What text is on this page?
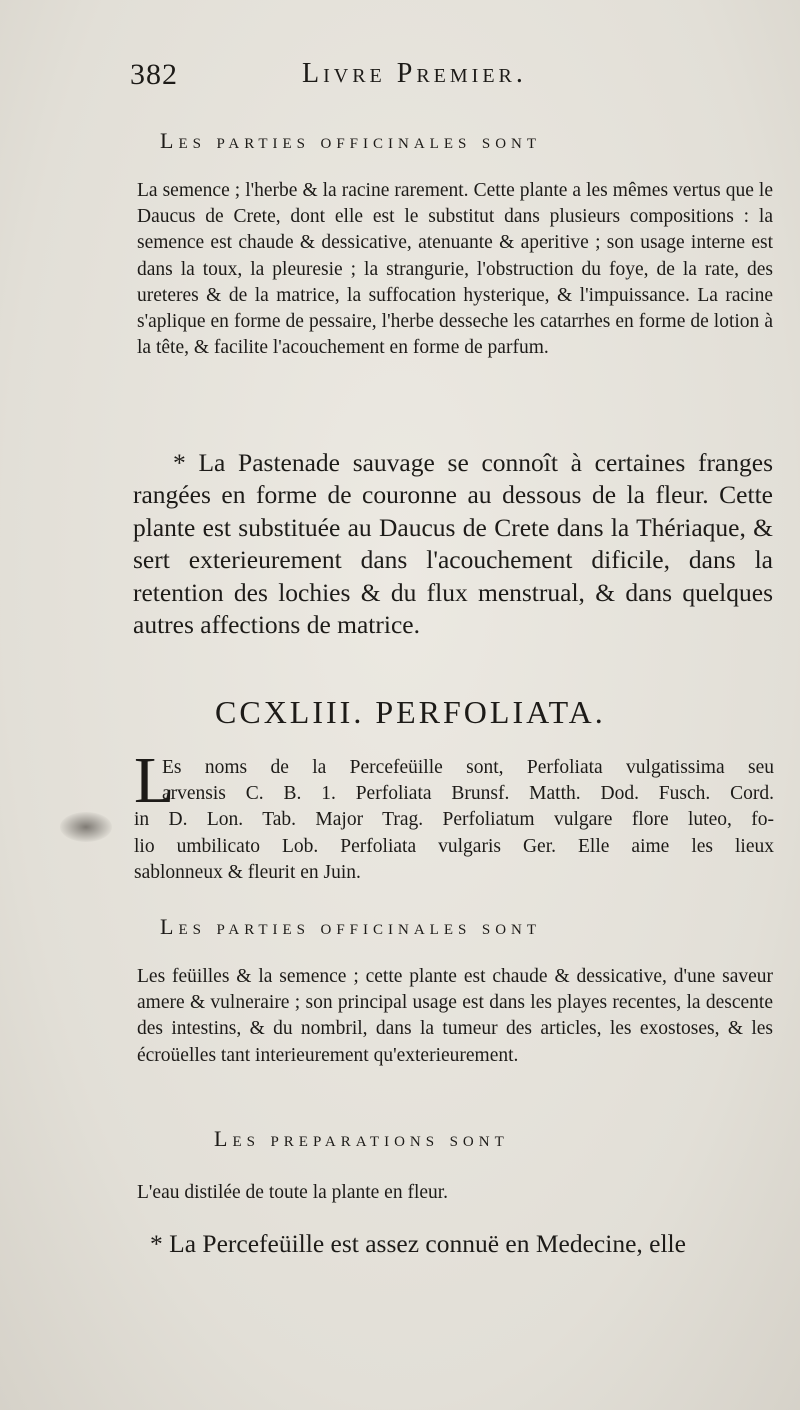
382	Livre Premier.
Les parties officinales sont

La semence ; l'herbe & la racine rarement. Cette plante a les mêmes vertus que le Daucus de Crete, dont elle est le substitut dans plusieurs compositions : la semence est chaude & dessicative, atenuante & aperitive ; son usage interne est dans la toux, la pleuresie ; la strangurie, l'obstruction du foye, de la rate, des ureteres & de la matrice, la suffocation hysterique, & l'impuissance. La racine s'aplique en forme de pessaire, l'herbe desseche les catarrhes en forme de lotion à la tête, & facilite l'acouchement en forme de parfum.

* La Pastenade sauvage se connoît à certaines franges rangées en forme de couronne au dessous de la fleur. Cette plante est substituée au Daucus de Crete dans la Thériaque, & sert exterieurement dans l'acouchement dificile, dans la retention des lochies & du flux menstrual, & dans quelques autres affections de matrice.

CCXLIII. PERFOLIATA.
L
Es noms de la Percefeüille sont, Perfoliata vulgatissima seu
arvensis C. B. 1. Perfoliata Brunsf. Matth. Dod. Fusch. Cord.
in D. Lon. Tab. Major Trag. Perfoliatum vulgare flore luteo, fo-
lio umbilicato Lob. Perfoliata vulgaris Ger. Elle aime les lieux
sablonneux & fleurit en Juin.
Les parties officinales sont

Les feüilles & la semence ; cette plante est chaude & dessicative, d'une saveur amere & vulneraire ; son principal usage est dans les playes recentes, la descente des intestins, & du nombril, dans la tumeur des articles, les exostoses, & les écroüelles tant interieurement qu'exterieurement.

Les preparations sont

L'eau distilée de toute la plante en fleur.

* La Percefeüille est assez connuë en Medecine, elle
